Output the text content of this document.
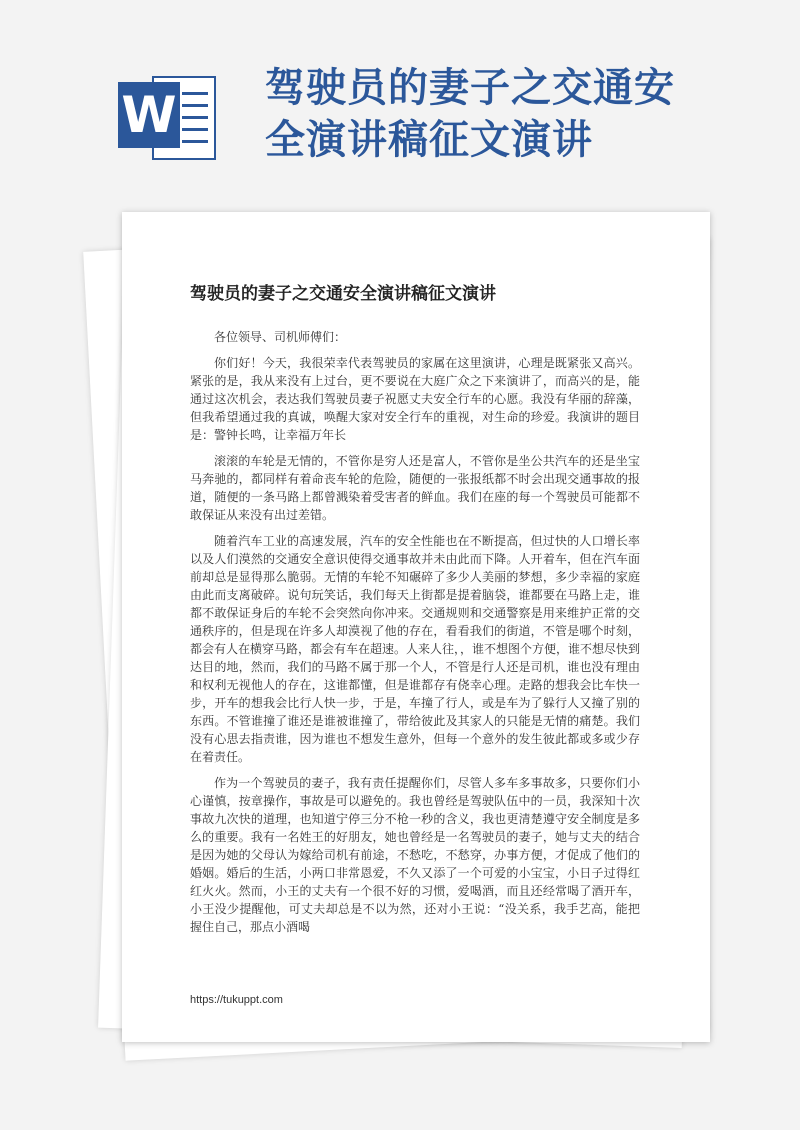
W 驾驶员的妻子之交通安全演讲稿征文演讲
驾驶员的妻子之交通安全演讲稿征文演讲

各位领导、司机师傅们：

你们好！今天，我很荣幸代表驾驶员的家属在这里演讲，心理是既紧张又高兴。紧张的是，我从来没有上过台，更不要说在大庭广众之下来演讲了，而高兴的是，能通过这次机会，表达我们驾驶员妻子祝愿丈夫安全行车的心愿。我没有华丽的辞藻，但我希望通过我的真诚，唤醒大家对安全行车的重视，对生命的珍爱。我演讲的题目是：警钟长鸣，让幸福万年长

滚滚的车轮是无情的，不管你是穷人还是富人，不管你是坐公共汽车的还是坐宝马奔驰的，都同样有着命丧车轮的危险，随便的一张报纸都不时会出现交通事故的报道，随便的一条马路上都曾溅染着受害者的鲜血。我们在座的每一个驾驶员可能都不敢保证从来没有出过差错。

随着汽车工业的高速发展，汽车的安全性能也在不断提高，但过快的人口增长率以及人们漠然的交通安全意识使得交通事故并未由此而下降。人开着车，但在汽车面前却总是显得那么脆弱。无情的车轮不知碾碎了多少人美丽的梦想，多少幸福的家庭由此而支离破碎。说句玩笑话，我们每天上街都是提着脑袋，谁都要在马路上走，谁都不敢保证身后的车轮不会突然向你冲来。交通规则和交通警察是用来维护正常的交通秩序的，但是现在许多人却漠视了他的存在，看看我们的街道，不管是哪个时刻，都会有人在横穿马路，都会有车在超速。人来人往，，谁不想图个方便，谁不想尽快到达目的地，然而，我们的马路不属于那一个人，不管是行人还是司机，谁也没有理由和权利无视他人的存在，这谁都懂，但是谁都存有侥幸心理。走路的想我会比车快一步，开车的想我会比行人快一步，于是，车撞了行人，或是车为了躲行人又撞了别的东西。不管谁撞了谁还是谁被谁撞了，带给彼此及其家人的只能是无情的痛楚。我们没有心思去指责谁，因为谁也不想发生意外，但每一个意外的发生彼此都或多或少存在着责任。

作为一个驾驶员的妻子，我有责任提醒你们，尽管人多车多事故多，只要你们小心谨慎，按章操作，事故是可以避免的。我也曾经是驾驶队伍中的一员，我深知十次事故九次快的道理，也知道宁停三分不枪一秒的含义，我也更清楚遵守安全制度是多么的重要。我有一名姓王的好朋友，她也曾经是一名驾驶员的妻子，她与丈夫的结合是因为她的父母认为嫁给司机有前途，不愁吃，不愁穿，办事方便，才促成了他们的婚姻。婚后的生活，小两口非常恩爱，不久又添了一个可爱的小宝宝，小日子过得红红火火。然而，小王的丈夫有一个很不好的习惯，爱喝酒，而且还经常喝了酒开车，小王没少提醒他，可丈夫却总是不以为然，还对小王说：“没关系，我手艺高，能把握住自己，那点小酒喝

https://tukuppt.com
